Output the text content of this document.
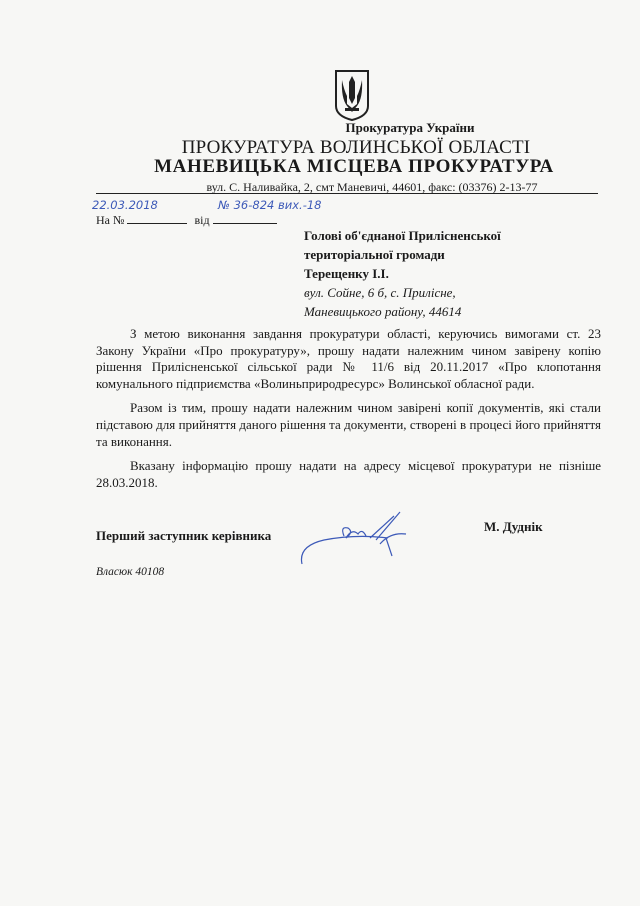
Прокуратура України
ПРОКУРАТУРА ВОЛИНСЬКОЇ ОБЛАСТІ
МАНЕВИЦЬКА МІСЦЕВА ПРОКУРАТУРА
вул. С. Наливайка, 2, смт Маневичі, 44601, факс: (03376) 2-13-77
22.03.2018	№ 36-824 вих.-18
На №	від
Голові об'єднаної Прилісненської
територіальної громади
Терещенку І.І.
вул. Сойне, 6 б, с. Прилісне,
Маневицького району, 44614

З метою виконання завдання прокуратури області, керуючись вимогами ст. 23 Закону України «Про прокуратуру», прошу надати належним чином завірену копію рішення Прилісненської сільської ради № 11/6 від 20.11.2017 «Про клопотання комунального підприємства «Волиньприродресурс» Волинської обласної ради.

Разом із тим, прошу надати належним чином завірені копії документів, які стали підставою для прийняття даного рішення та документи, створені в процесі його прийняття та виконання.

Вказану інформацію прошу надати на адресу місцевої прокуратури не пізніше 28.03.2018.

Перший заступник керівника
М. Дуднік
Власюк 40108
